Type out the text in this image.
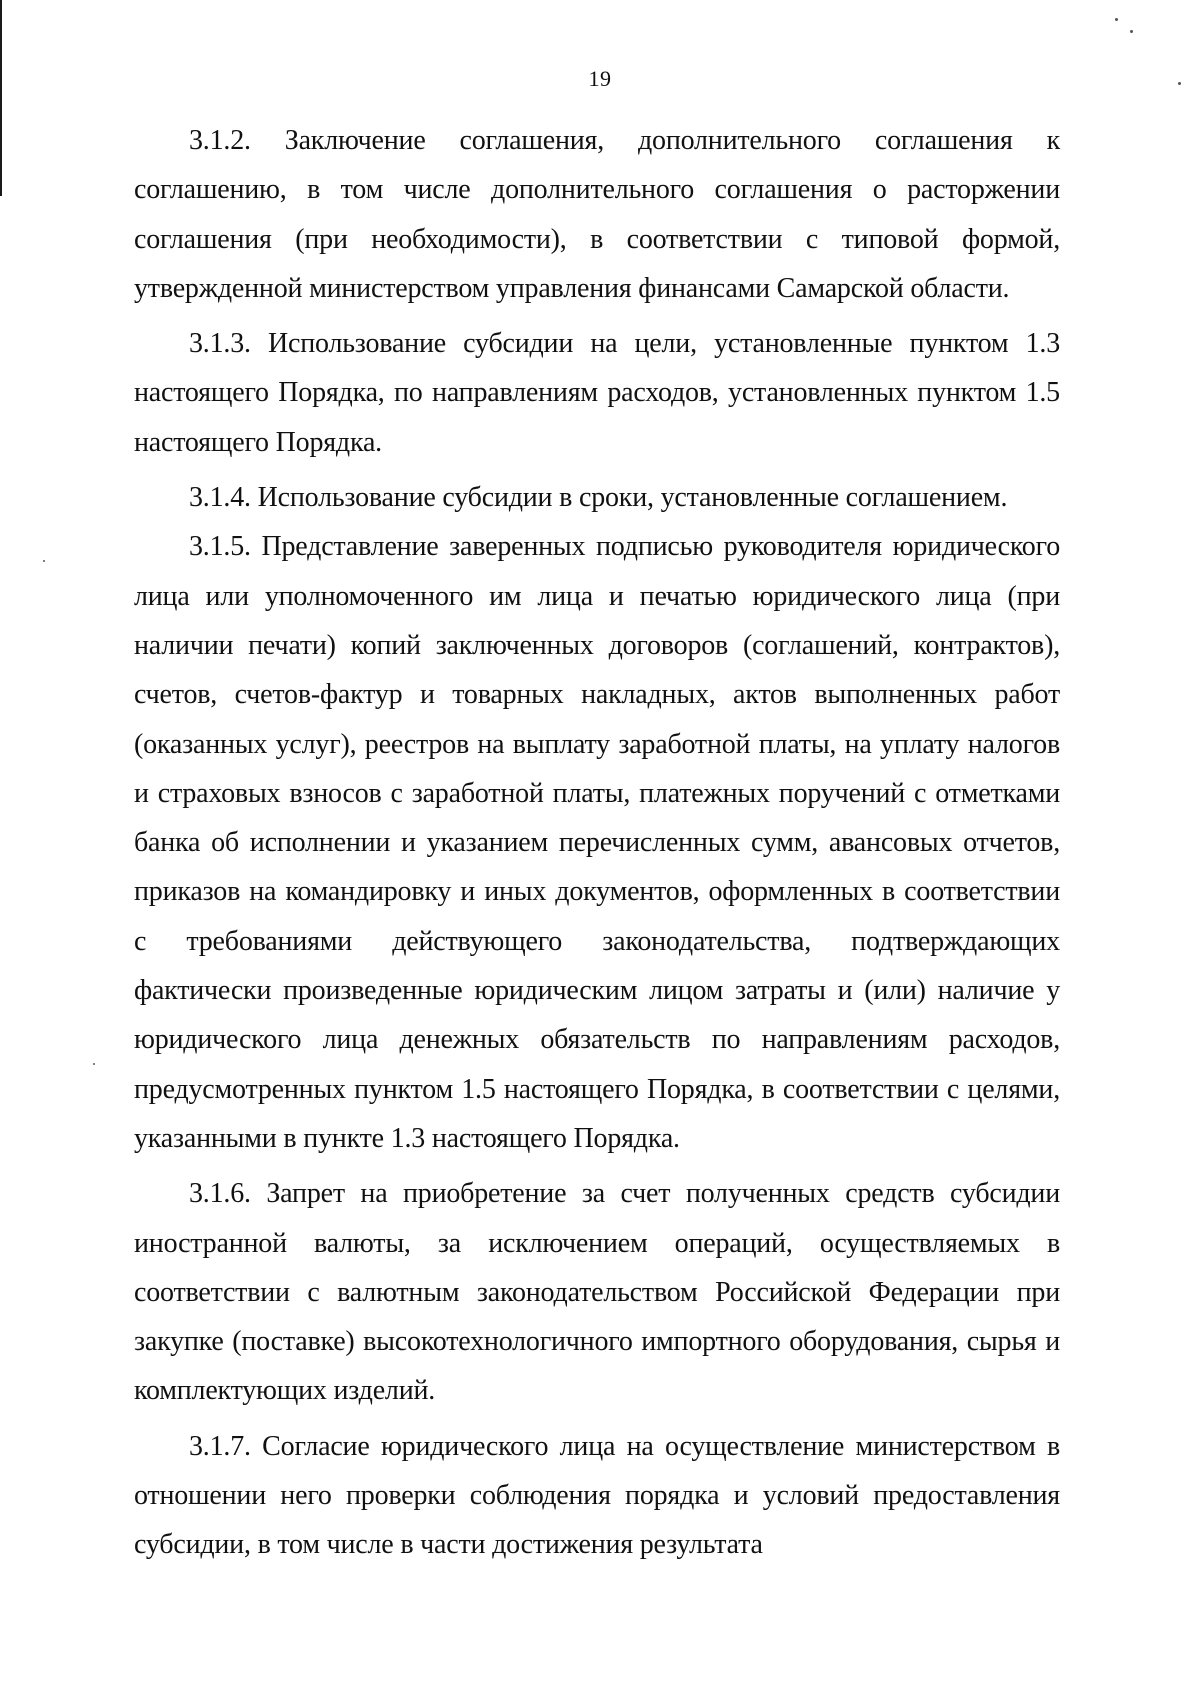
19

3.1.2. Заключение соглашения, дополнительного соглашения к соглашению, в том числе дополнительного соглашения о расторжении соглашения (при необходимости), в соответствии с типовой формой, утвержденной министерством управления финансами Самарской области.

3.1.3. Использование субсидии на цели, установленные пунктом 1.3 настоящего Порядка, по направлениям расходов, установленных пунктом 1.5 настоящего Порядка.

3.1.4. Использование субсидии в сроки, установленные соглашением.

3.1.5. Представление заверенных подписью руководителя юридического лица или уполномоченного им лица и печатью юридического лица (при наличии печати) копий заключенных договоров (соглашений, контрактов), счетов, счетов-фактур и товарных накладных, актов выполненных работ (оказанных услуг), реестров на выплату заработной платы, на уплату налогов и страховых взносов с заработной платы, платежных поручений с отметками банка об исполнении и указанием перечисленных сумм, авансовых отчетов, приказов на командировку и иных документов, оформленных в соответствии с требованиями действующего законодательства, подтверждающих фактически произведенные юридическим лицом затраты и (или) наличие у юридического лица денежных обязательств по направлениям расходов, предусмотренных пунктом 1.5 настоящего Порядка, в соответствии с целями, указанными в пункте 1.3 настоящего Порядка.

3.1.6. Запрет на приобретение за счет полученных средств субсидии иностранной валюты, за исключением операций, осуществляемых в соответствии с валютным законодательством Российской Федерации при закупке (поставке) высокотехнологичного импортного оборудования, сырья и комплектующих изделий.

3.1.7. Согласие юридического лица на осуществление министерством в отношении него проверки соблюдения порядка и условий предоставления субсидии, в том числе в части достижения результата
